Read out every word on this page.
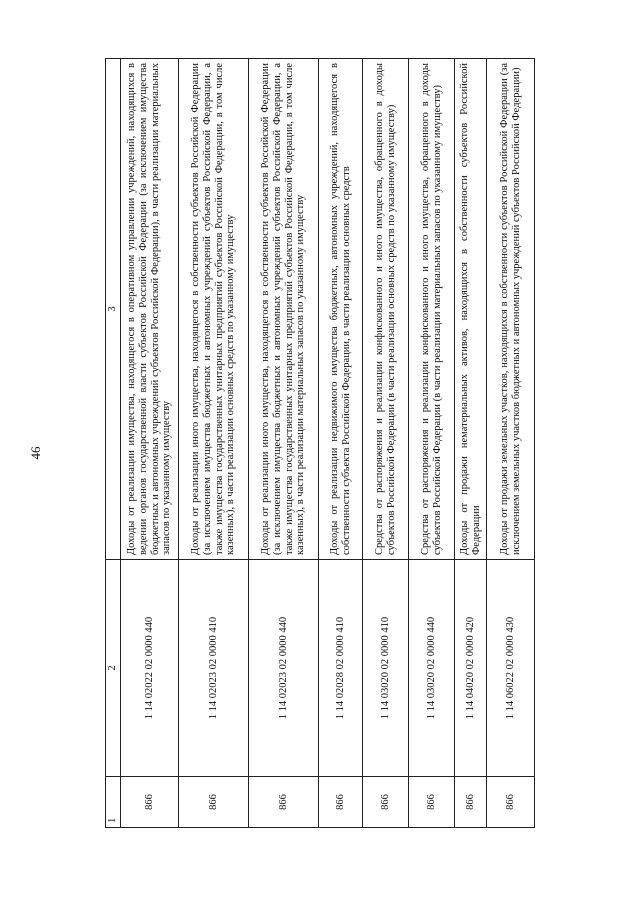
46
1	2	3
866	1 14 02022 02 0000 440	Доходы от реализации имущества, находящегося в оперативном управлении учреждений, находящихся в ведении органов государственной власти субъектов Российской Федерации (за исключением имущества бюджетных и автономных учреждений субъектов Российской Федерации), в части реализации материальных запасов по указанному имуществу
866	1 14 02023 02 0000 410	Доходы от реализации иного имущества, находящегося в собственности субъектов Российской Федерации (за исключением имущества бюджетных и автономных учреждений субъектов Российской Федерации, а также имущества государственных унитарных предприятий субъектов Российской Федерации, в том числе казенных), в части реализации основных средств по указанному имуществу
866	1 14 02023 02 0000 440	Доходы от реализации иного имущества, находящегося в собственности субъектов Российской Федерации (за исключением имущества бюджетных и автономных учреждений субъектов Российской Федерации, а также имущества государственных унитарных предприятий субъектов Российской Федерации, в том числе казенных), в части реализации материальных запасов по указанному имуществу
866	1 14 02028 02 0000 410	Доходы от реализации недвижимого имущества бюджетных, автономных учреждений, находящегося в собственности субъекта Российской Федерации, в части реализации основных средств
866	1 14 03020 02 0000 410	Средства от распоряжения и реализации конфискованного и иного имущества, обращенного в доходы субъектов Российской Федерации (в части реализации основных средств по указанному имуществу)
866	1 14 03020 02 0000 440	Средства от распоряжения и реализации конфискованного и иного имущества, обращенного в доходы субъектов Российской Федерации (в части реализации материальных запасов по указанному имуществу)
866	1 14 04020 02 0000 420	Доходы от продажи нематериальных активов, находящихся в собственности субъектов Российской Федерации
866	1 14 06022 02 0000 430	Доходы от продажи земельных участков, находящихся в собственности субъектов Российской Федерации (за исключением земельных участков бюджетных и автономных учреждений субъектов Российской Федерации)
